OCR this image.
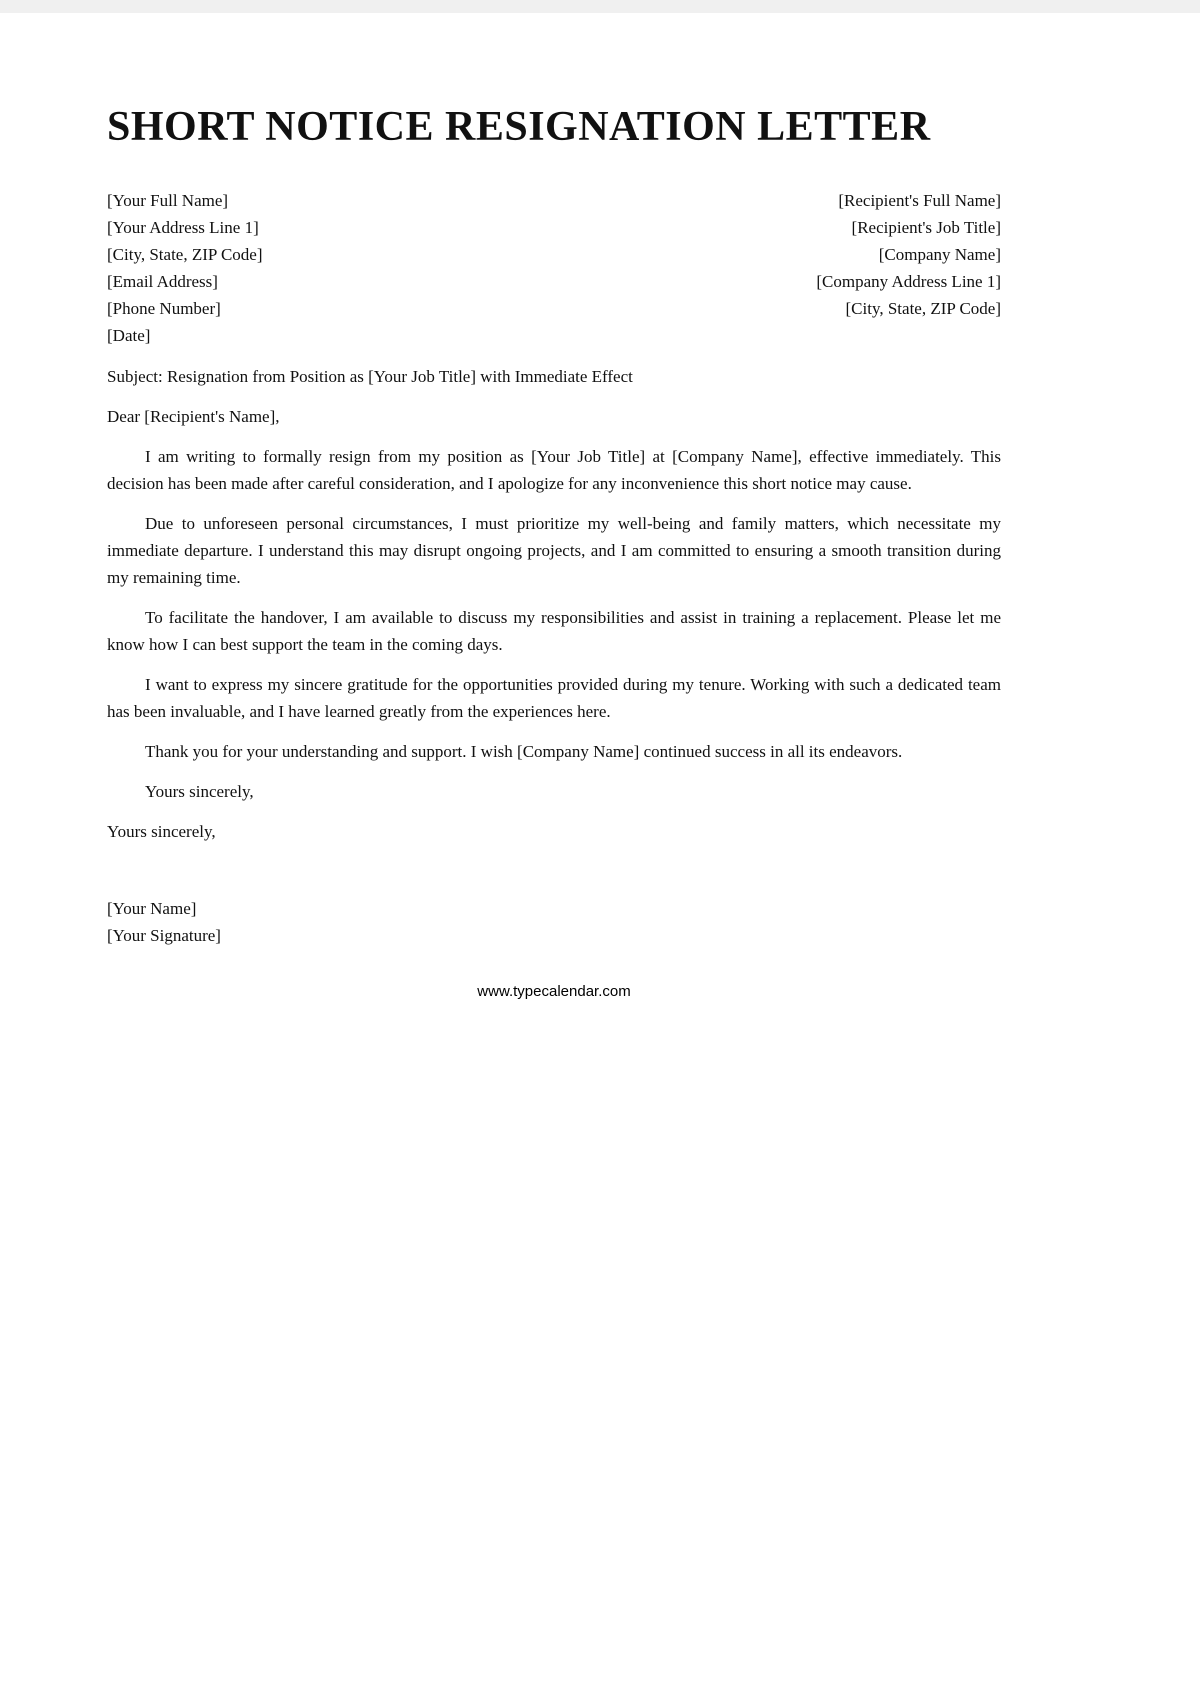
SHORT NOTICE RESIGNATION LETTER
[Your Full Name]
[Your Address Line 1]
[City, State, ZIP Code]
[Email Address]
[Phone Number]
[Date]
[Recipient's Full Name]
[Recipient's Job Title]
[Company Name]
[Company Address Line 1]
[City, State, ZIP Code]

Subject: Resignation from Position as [Your Job Title] with Immediate Effect

Dear [Recipient's Name],

I am writing to formally resign from my position as [Your Job Title] at [Company Name], effective immediately. This decision has been made after careful consideration, and I apologize for any inconvenience this short notice may cause.

Due to unforeseen personal circumstances, I must prioritize my well-being and family matters, which necessitate my immediate departure. I understand this may disrupt ongoing projects, and I am committed to ensuring a smooth transition during my remaining time.

To facilitate the handover, I am available to discuss my responsibilities and assist in training a replacement. Please let me know how I can best support the team in the coming days.

I want to express my sincere gratitude for the opportunities provided during my tenure. Working with such a dedicated team has been invaluable, and I have learned greatly from the experiences here.

Thank you for your understanding and support. I wish [Company Name] continued success in all its endeavors.

Yours sincerely,

Yours sincerely,

[Your Name]
[Your Signature]
www.typecalendar.com
